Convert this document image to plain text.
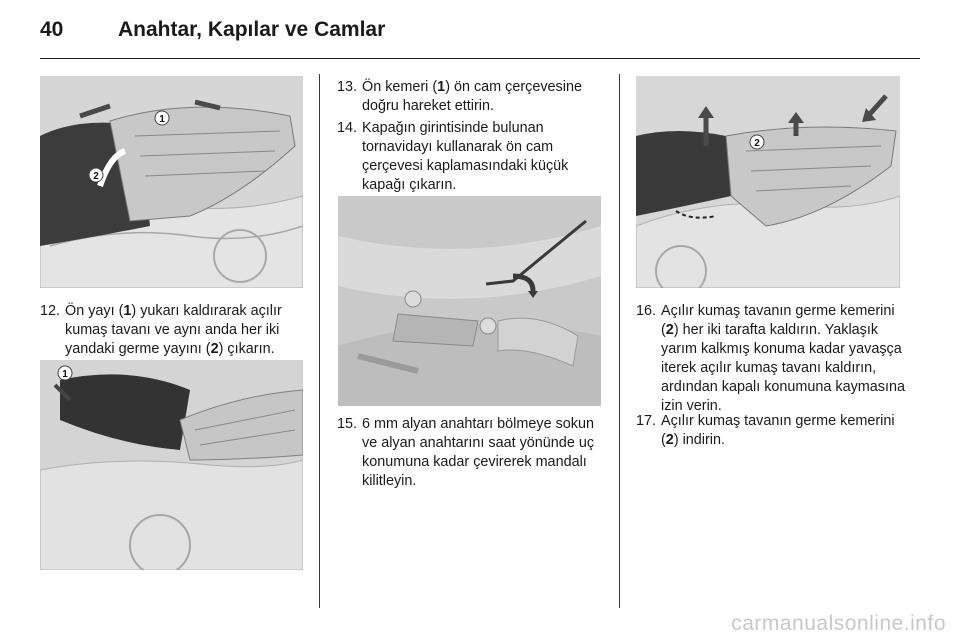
40	Anahtar, Kapılar ve Camlar
1
2
12. Ön yayı (1) yukarı kaldırarak açılır kumaş tavanı ve aynı anda her iki yandaki germe yayını (2) çıkarın.
1
13. Ön kemeri (1) ön cam çerçevesine doğru hareket ettirin.
14. Kapağın girintisinde bulunan tornavidayı kullanarak ön cam çerçevesi kaplamasındaki küçük kapağı çıkarın.
15. 6 mm alyan anahtarı bölmeye sokun ve alyan anahtarını saat yönünde uç konumuna kadar çevirerek mandalı kilitleyin.
2
16. Açılır kumaş tavanın germe kemerini (2) her iki tarafta kaldırın. Yaklaşık yarım kalkmış konuma kadar yavaşça iterek açılır kumaş tavanı kaldırın, ardından kapalı konumuna kaymasına izin verin.
17. Açılır kumaş tavanın germe kemerini (2) indirin.
carmanualsonline.info
